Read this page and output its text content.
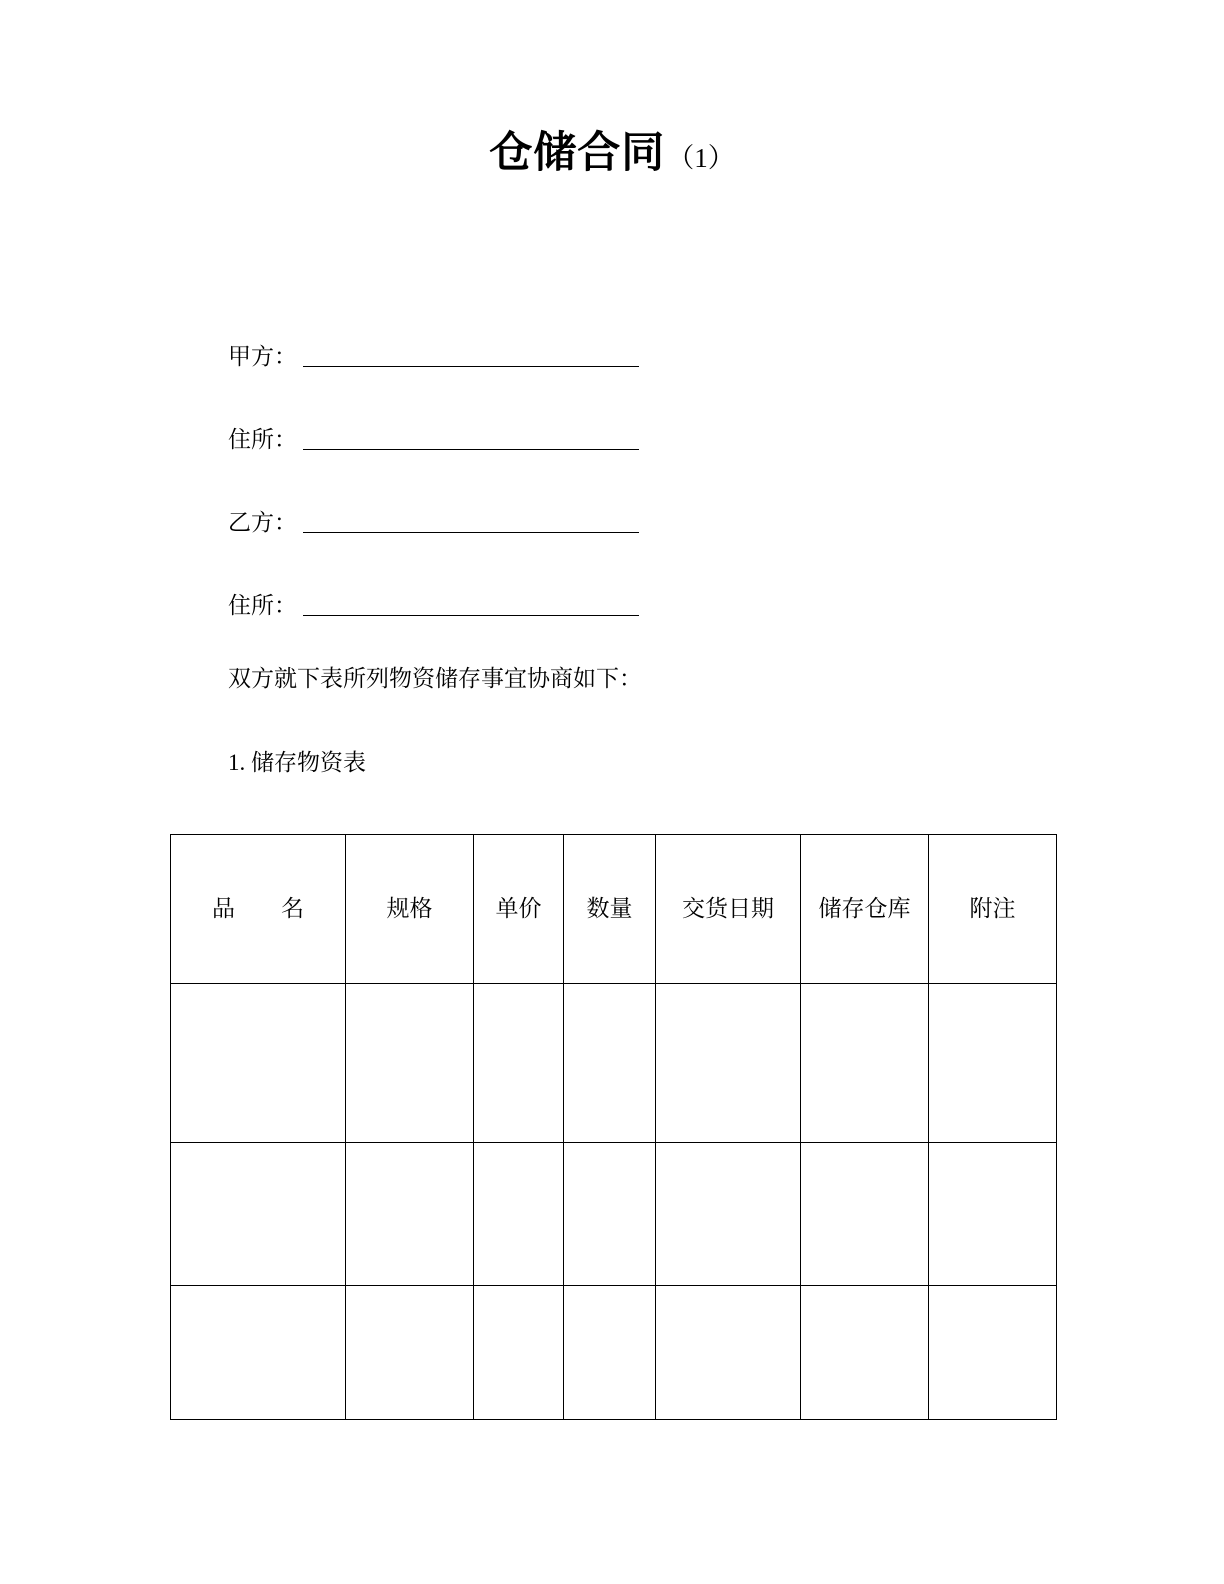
仓储合同（1）
甲方：
住所：
乙方：
住所：
双方就下表所列物资储存事宜协商如下：
1. 储存物资表
品　　名	规格	单价	数量	交货日期	储存仓库	附注
